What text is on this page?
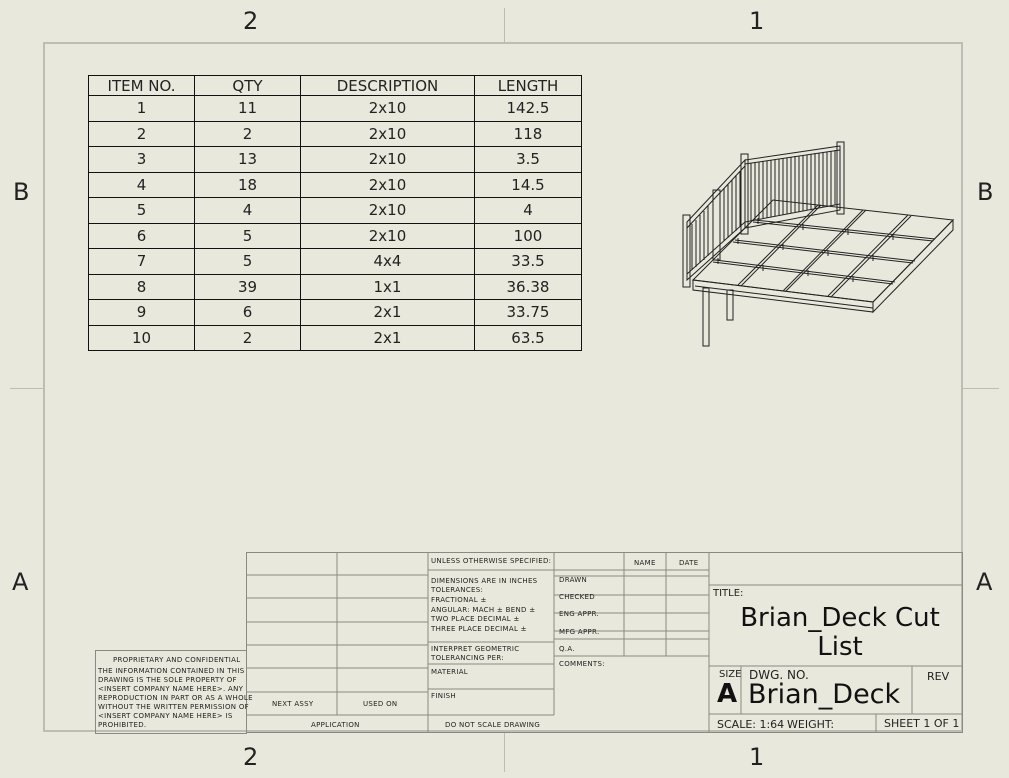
2	1
2	1
B
A
B
A
ITEM NO.	QTY	DESCRIPTION	LENGTH
1	11	2x10	142.5
2	2	2x10	118
3	13	2x10	3.5
4	18	2x10	14.5
5	4	2x10	4
6	5	2x10	100
7	5	4x4	33.5
8	39	1x1	36.38
9	6	2x1	33.75
10	2	2x1	63.5
PROPRIETARY AND CONFIDENTIAL
THE INFORMATION CONTAINED IN THIS
DRAWING IS THE SOLE PROPERTY OF
<INSERT COMPANY NAME HERE>. ANY
REPRODUCTION IN PART OR AS A WHOLE
WITHOUT THE WRITTEN PERMISSION OF
<INSERT COMPANY NAME HERE> IS
PROHIBITED.
NEXT ASSY	USED ON
APPLICATION
UNLESS OTHERWISE SPECIFIED:
DIMENSIONS ARE IN INCHES
TOLERANCES:
FRACTIONAL ±
ANGULAR: MACH ± BEND ±
TWO PLACE DECIMAL ±
THREE PLACE DECIMAL ±
INTERPRET GEOMETRIC
TOLERANCING PER:
MATERIAL
FINISH
DO NOT SCALE DRAWING
NAME	DATE
DRAWN
CHECKED
ENG APPR.
MFG APPR.
Q.A.
COMMENTS:
TITLE:
Brian_Deck Cut
List
SIZE
A
DWG. NO.
Brian_Deck
REV
SCALE: 1:64 WEIGHT:	SHEET 1 OF 1
